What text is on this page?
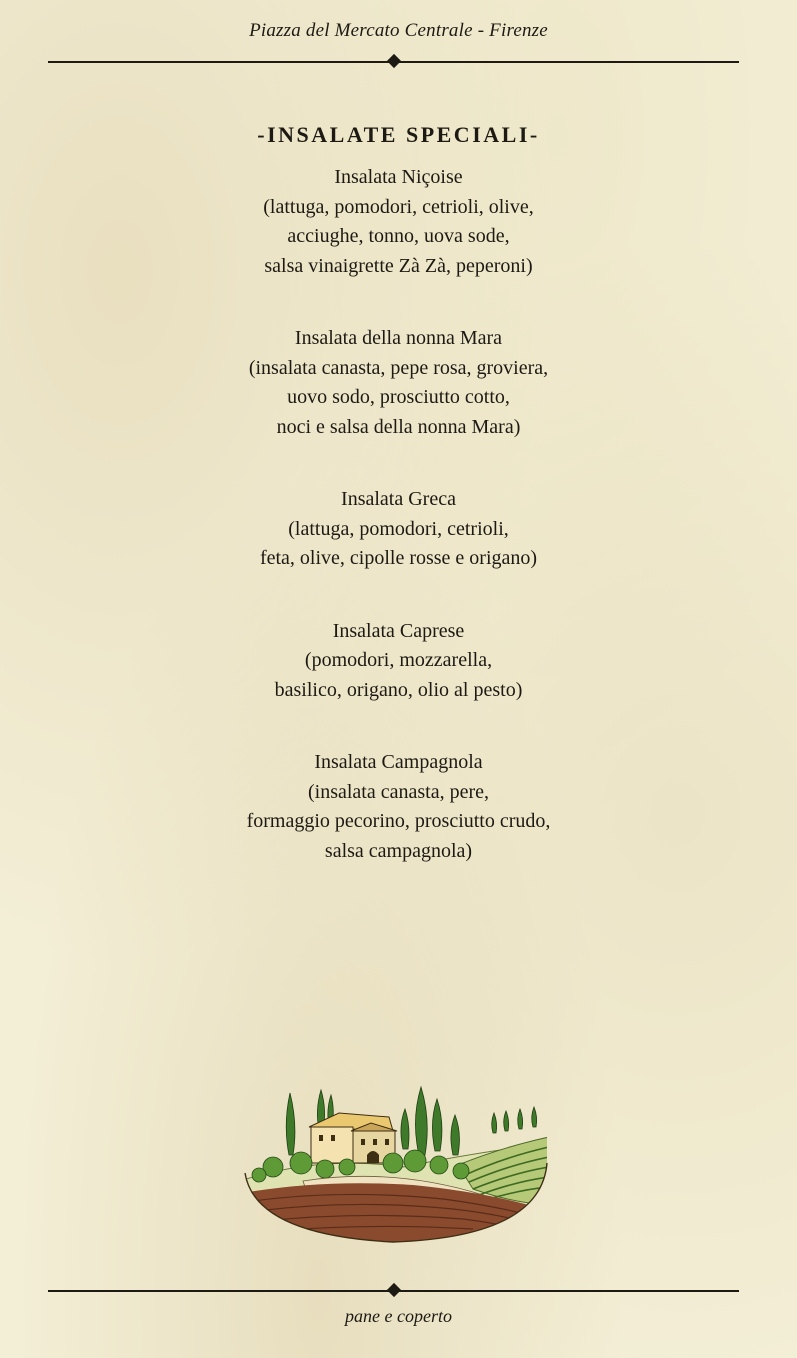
Piazza del Mercato Centrale - Firenze
-INSALATE SPECIALI-
Insalata Niçoise
(lattuga, pomodori, cetrioli, olive,
acciughe, tonno, uova sode,
salsa vinaigrette Zà Zà, peperoni)
Insalata della nonna Mara
(insalata canasta, pepe rosa, groviera,
uovo sodo, prosciutto cotto,
noci e salsa della nonna Mara)
Insalata Greca
(lattuga, pomodori, cetrioli,
feta, olive, cipolle rosse e origano)
Insalata Caprese
(pomodori, mozzarella,
basilico, origano, olio al pesto)
Insalata Campagnola
(insalata canasta, pere,
formaggio pecorino, prosciutto crudo,
salsa campagnola)
pane e coperto
